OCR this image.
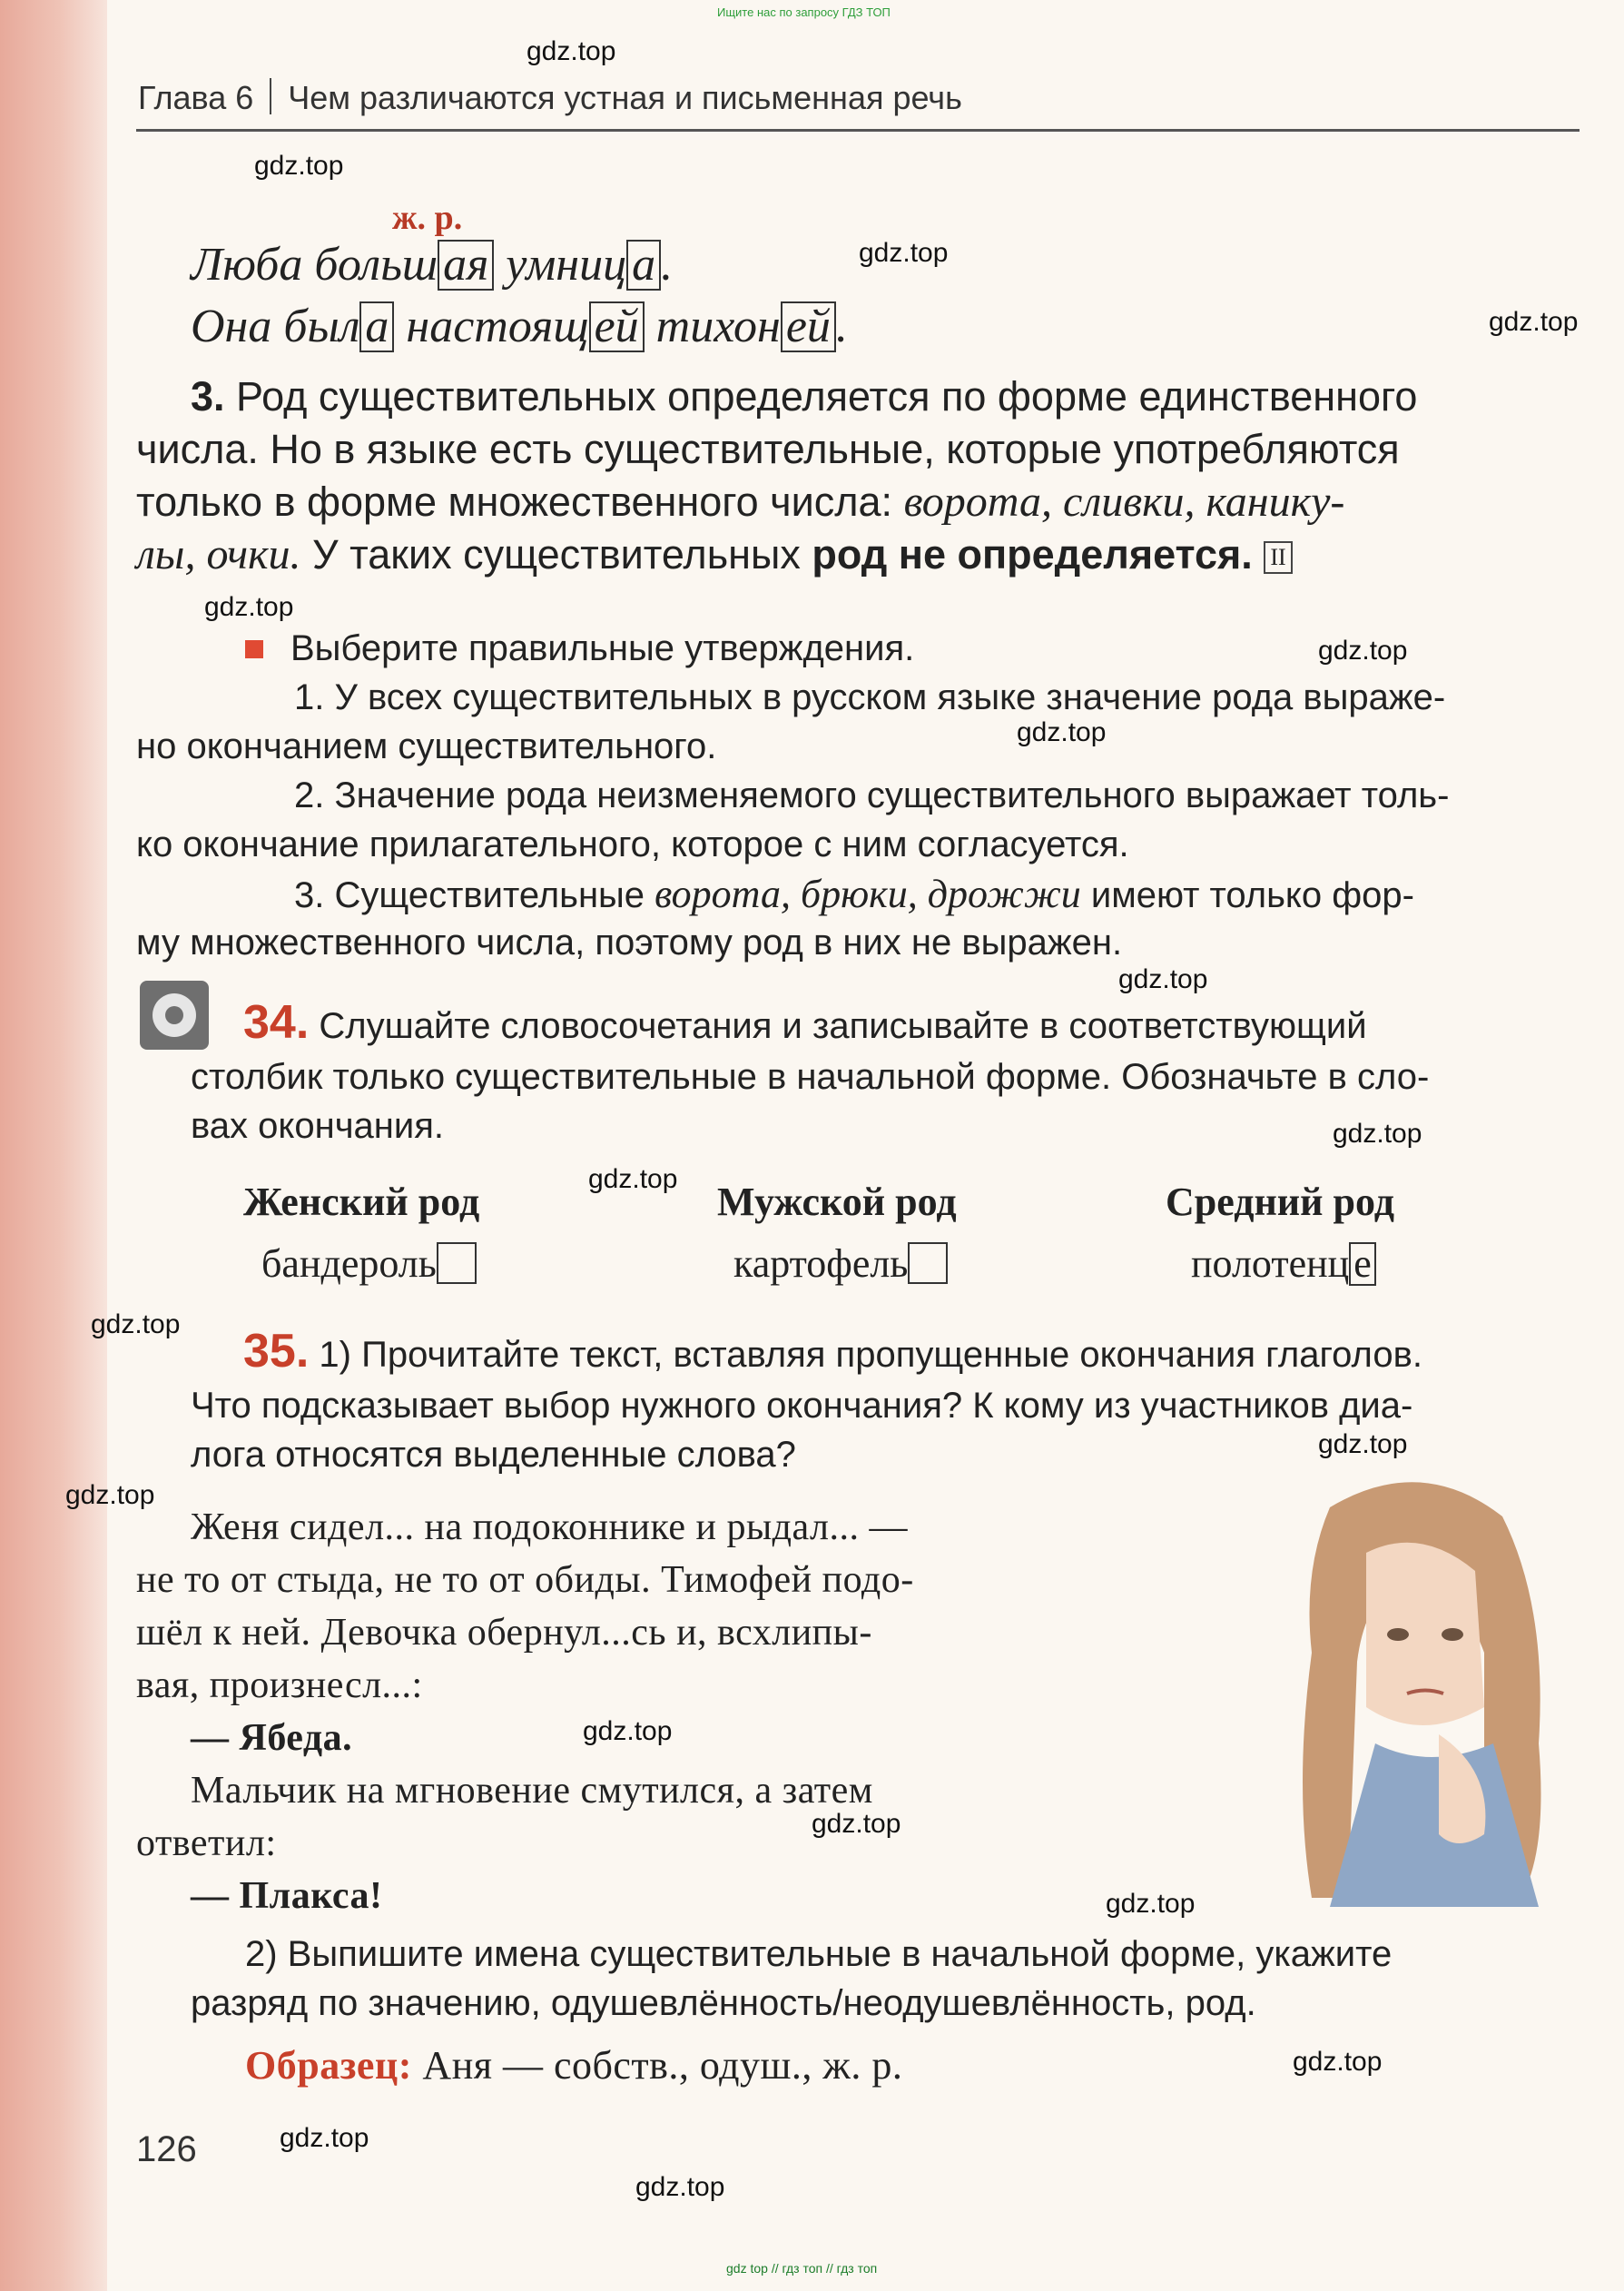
Ищите нас по запросу ГДЗ ТОП
Глава 6 Чем различаются устная и письменная речь
ж. р.
Люба больш ая умниц а .
Она был а настоящ ей тихон ей .
3. Род существительных определяется по форме единственного
числа. Но в языке есть существительные, которые употребляются
только в форме множественного числа: ворота, сливки, канику-
лы, очки. У таких существительных род не определяется. II
Выберите правильные утверждения.
1. У всех существительных в русском языке значение рода выраже-
но окончанием существительного.
2. Значение рода неизменяемого существительного выражает толь-
ко окончание прилагательного, которое с ним согласуется.
3. Существительные ворота, брюки, дрожжи имеют только фор-
му множественного числа, поэтому род в них не выражен.
34. Слушайте словосочетания и записывайте в соответствующий
столбик только существительные в начальной форме. Обозначьте в сло-
вах окончания.
Женский род	Мужской род	Средний род
бандероль	картофель	полотенц е
35. 1) Прочитайте текст, вставляя пропущенные окончания глаголов.
Что подсказывает выбор нужного окончания? К кому из участников диа-
лога относятся выделенные слова?
Женя сидел... на подоконнике и рыдал... —
не то от стыда, не то от обиды. Тимофей подо-
шёл к ней. Девочка обернул...сь и, всхлипы-
вая, произнесл...:
— Ябеда.
Мальчик на мгновение смутился, а затем
ответил:
— Плакса!
2) Выпишите имена существительные в начальной форме, укажите
разряд по значению, одушевлённость/неодушевлённость, род.
Образец: Аня — собств., одуш., ж. р.
126
gdz.top
gdz.top
gdz.top
gdz.top
gdz.top
gdz.top
gdz.top
gdz.top
gdz.top
gdz.top
gdz.top
gdz.top
gdz.top
gdz.top
gdz.top
gdz.top
gdz.top
gdz.top
gdz.top
gdz top // гдз топ // гдз топ
